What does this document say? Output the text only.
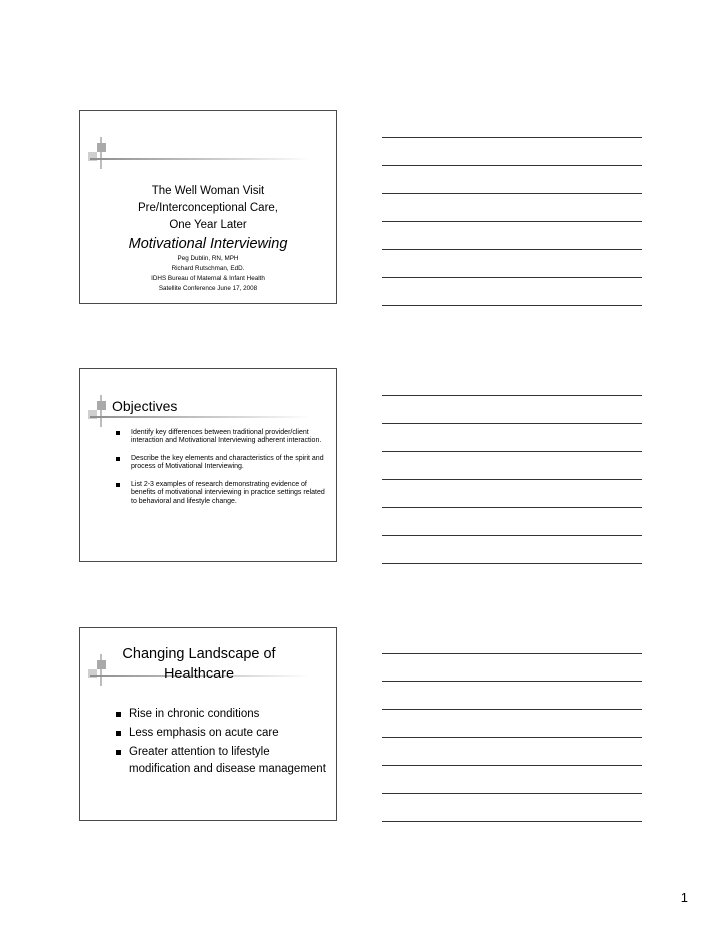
The Well Woman Visit
Pre/Interconceptional Care,
One Year Later
Motivational Interviewing
Peg Dublin, RN, MPH
Richard Rutschman, EdD.
IDHS Bureau of Maternal & Infant Health
Satellite Conference June 17, 2008
Objectives
Identify key differences between traditional provider/client interaction and Motivational Interviewing adherent interaction.
Describe the key elements and characteristics of the spirit and process of Motivational Interviewing.
List 2-3 examples of research demonstrating evidence of benefits of motivational interviewing in practice settings related to behavioral and lifestyle change.
Changing Landscape of
Healthcare
Rise in chronic conditions
Less emphasis on acute care
Greater attention to lifestyle modification and disease management
1
